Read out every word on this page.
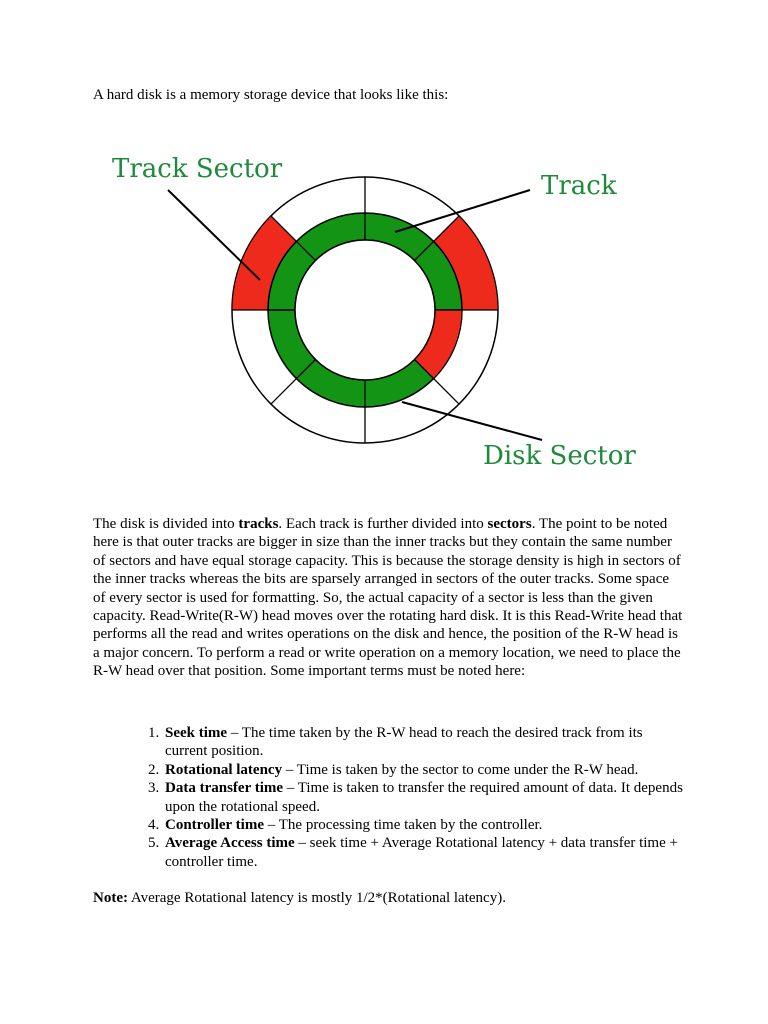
A hard disk is a memory storage device that looks like this:

Track Sector
Track
Disk Sector

The disk is divided into tracks. Each track is further divided into sectors. The point to be noted here is that outer tracks are bigger in size than the inner tracks but they contain the same number of sectors and have equal storage capacity. This is because the storage density is high in sectors of the inner tracks whereas the bits are sparsely arranged in sectors of the outer tracks. Some space of every sector is used for formatting. So, the actual capacity of a sector is less than the given capacity. Read-Write(R-W) head moves over the rotating hard disk. It is this Read-Write head that performs all the read and writes operations on the disk and hence, the position of the R-W head is a major concern. To perform a read or write operation on a memory location, we need to place the R-W head over that position. Some important terms must be noted here:

1. Seek time – The time taken by the R-W head to reach the desired track from its current position.
2. Rotational latency – Time is taken by the sector to come under the R-W head.
3. Data transfer time – Time is taken to transfer the required amount of data. It depends upon the rotational speed.
4. Controller time – The processing time taken by the controller.
5. Average Access time – seek time + Average Rotational latency + data transfer time + controller time.

Note: Average Rotational latency is mostly 1/2*(Rotational latency).
